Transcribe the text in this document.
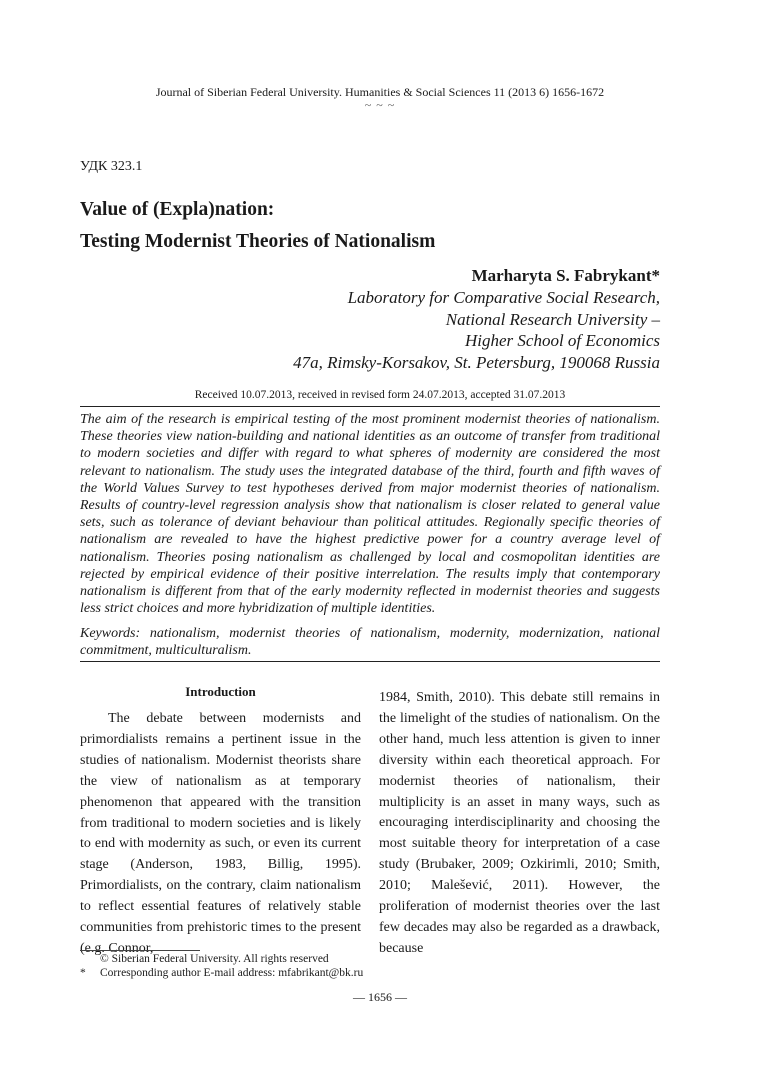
Journal of Siberian Federal University. Humanities & Social Sciences 11 (2013 6) 1656-1672
~ ~ ~
УДК 323.1
Value of (Expla)nation:
Testing Modernist Theories of Nationalism
Marharyta S. Fabrykant*
Laboratory for Comparative Social Research,
National Research University –
Higher School of Economics
47a, Rimsky-Korsakov, St. Petersburg, 190068 Russia
Received 10.07.2013, received in revised form 24.07.2013, accepted 31.07.2013

The aim of the research is empirical testing of the most prominent modernist theories of nationalism. These theories view nation-building and national identities as an outcome of transfer from traditional to modern societies and differ with regard to what spheres of modernity are considered the most relevant to nationalism. The study uses the integrated database of the third, fourth and fifth waves of the World Values Survey to test hypotheses derived from major modernist theories of nationalism. Results of country-level regression analysis show that nationalism is closer related to general value sets, such as tolerance of deviant behaviour than political attitudes. Regionally specific theories of nationalism are revealed to have the highest predictive power for a country average level of nationalism. Theories posing nationalism as challenged by local and cosmopolitan identities are rejected by empirical evidence of their positive interrelation. The results imply that contemporary nationalism is different from that of the early modernity reflected in modernist theories and suggests less strict choices and more hybridization of multiple identities.

Keywords: nationalism, modernist theories of nationalism, modernity, modernization, national commitment, multiculturalism.

Introduction

The debate between modernists and primordialists remains a pertinent issue in the studies of nationalism. Modernist theorists share the view of nationalism as at temporary phenomenon that appeared with the transition from traditional to modern societies and is likely to end with modernity as such, or even its current stage (Anderson, 1983, Billig, 1995). Primordialists, on the contrary, claim nationalism to reflect essential features of relatively stable communities from prehistoric times to the present (e.g. Connor,

1984, Smith, 2010). This debate still remains in the limelight of the studies of nationalism. On the other hand, much less attention is given to inner diversity within each theoretical approach. For modernist theories of nationalism, their multiplicity is an asset in many ways, such as encouraging interdisciplinarity and choosing the most suitable theory for interpretation of a case study (Brubaker, 2009; Ozkirimli, 2010; Smith, 2010; Malešević, 2011). However, the proliferation of modernist theories over the last few decades may also be regarded as a drawback, because

© Siberian Federal University. All rights reserved
* Corresponding author E-mail address: mfabrikant@bk.ru
— 1656 —
